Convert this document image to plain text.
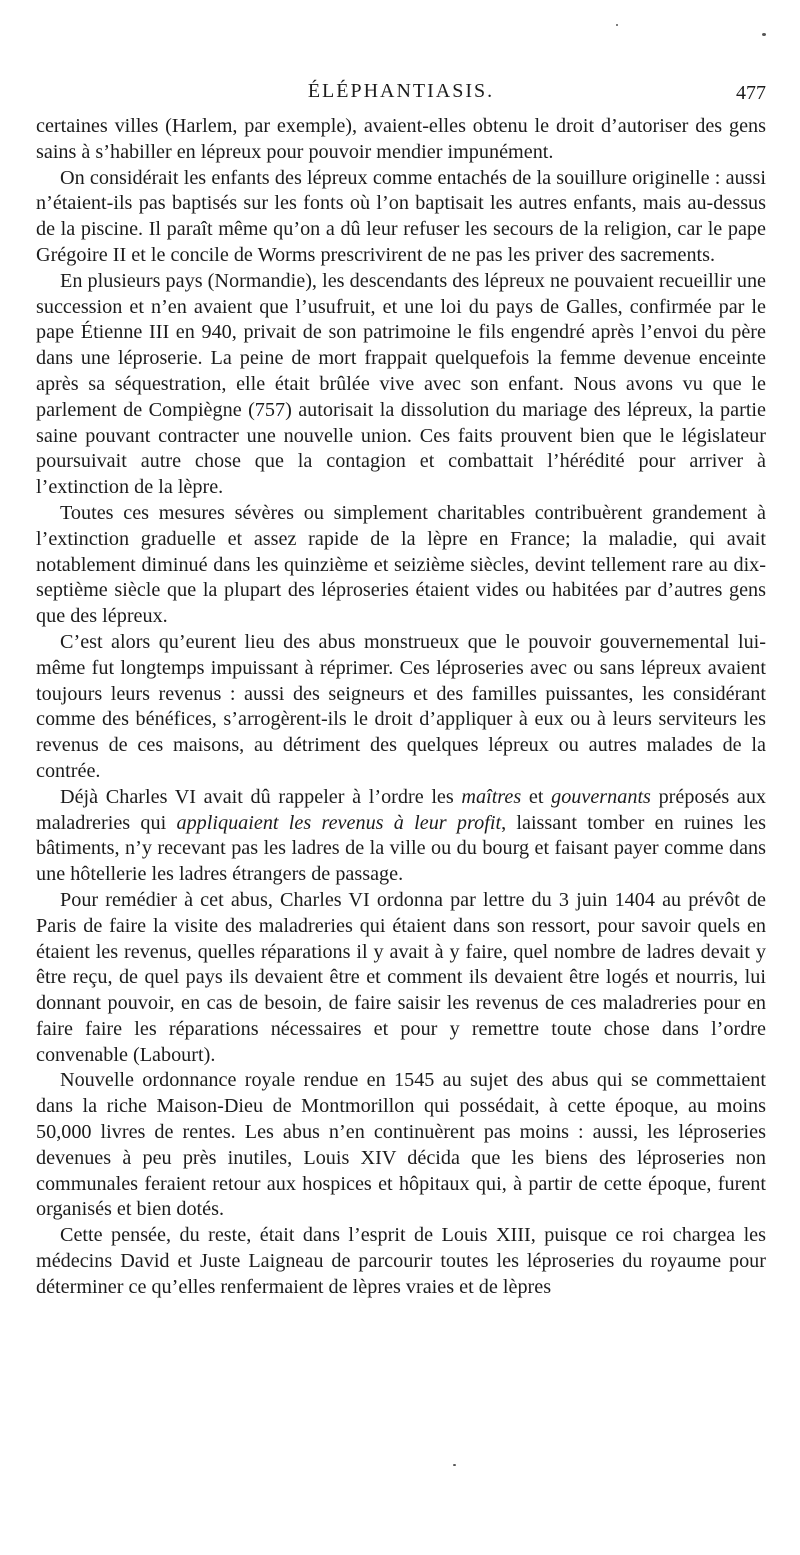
ÉLÉPHANTIASIS.	477

certaines villes (Harlem, par exemple), avaient-elles obtenu le droit d’autoriser des gens sains à s’habiller en lépreux pour pouvoir mendier impunément.

On considérait les enfants des lépreux comme entachés de la souillure originelle : aussi n’étaient-ils pas baptisés sur les fonts où l’on baptisait les autres enfants, mais au-dessus de la piscine. Il paraît même qu’on a dû leur refuser les secours de la religion, car le pape Grégoire II et le concile de Worms prescrivirent de ne pas les priver des sacrements.

En plusieurs pays (Normandie), les descendants des lépreux ne pouvaient recueillir une succession et n’en avaient que l’usufruit, et une loi du pays de Galles, confirmée par le pape Étienne III en 940, privait de son patrimoine le fils engendré après l’envoi du père dans une léproserie. La peine de mort frappait quelquefois la femme devenue enceinte après sa séquestration, elle était brûlée vive avec son enfant. Nous avons vu que le parlement de Compiègne (757) autorisait la dissolution du mariage des lépreux, la partie saine pouvant contracter une nouvelle union. Ces faits prouvent bien que le législateur poursuivait autre chose que la contagion et combattait l’hérédité pour arriver à l’extinction de la lèpre.

Toutes ces mesures sévères ou simplement charitables contribuèrent grandement à l’extinction graduelle et assez rapide de la lèpre en France; la maladie, qui avait notablement diminué dans les quinzième et seizième siècles, devint tellement rare au dix-septième siècle que la plupart des léproseries étaient vides ou habitées par d’autres gens que des lépreux.

C’est alors qu’eurent lieu des abus monstrueux que le pouvoir gouvernemental lui-même fut longtemps impuissant à réprimer. Ces léproseries avec ou sans lépreux avaient toujours leurs revenus : aussi des seigneurs et des familles puissantes, les considérant comme des bénéfices, s’arrogèrent-ils le droit d’appliquer à eux ou à leurs serviteurs les revenus de ces maisons, au détriment des quelques lépreux ou autres malades de la contrée.

Déjà Charles VI avait dû rappeler à l’ordre les maîtres et gouvernants préposés aux maladreries qui appliquaient les revenus à leur profit, laissant tomber en ruines les bâtiments, n’y recevant pas les ladres de la ville ou du bourg et faisant payer comme dans une hôtellerie les ladres étrangers de passage.

Pour remédier à cet abus, Charles VI ordonna par lettre du 3 juin 1404 au prévôt de Paris de faire la visite des maladreries qui étaient dans son ressort, pour savoir quels en étaient les revenus, quelles réparations il y avait à y faire, quel nombre de ladres devait y être reçu, de quel pays ils devaient être et comment ils devaient être logés et nourris, lui donnant pouvoir, en cas de besoin, de faire saisir les revenus de ces maladreries pour en faire faire les réparations nécessaires et pour y remettre toute chose dans l’ordre convenable (Labourt).

Nouvelle ordonnance royale rendue en 1545 au sujet des abus qui se commettaient dans la riche Maison-Dieu de Montmorillon qui possédait, à cette époque, au moins 50,000 livres de rentes. Les abus n’en continuèrent pas moins : aussi, les léproseries devenues à peu près inutiles, Louis XIV décida que les biens des léproseries non communales feraient retour aux hospices et hôpitaux qui, à partir de cette époque, furent organisés et bien dotés.

Cette pensée, du reste, était dans l’esprit de Louis XIII, puisque ce roi chargea les médecins David et Juste Laigneau de parcourir toutes les léproseries du royaume pour déterminer ce qu’elles renfermaient de lèpres vraies et de lèpres
